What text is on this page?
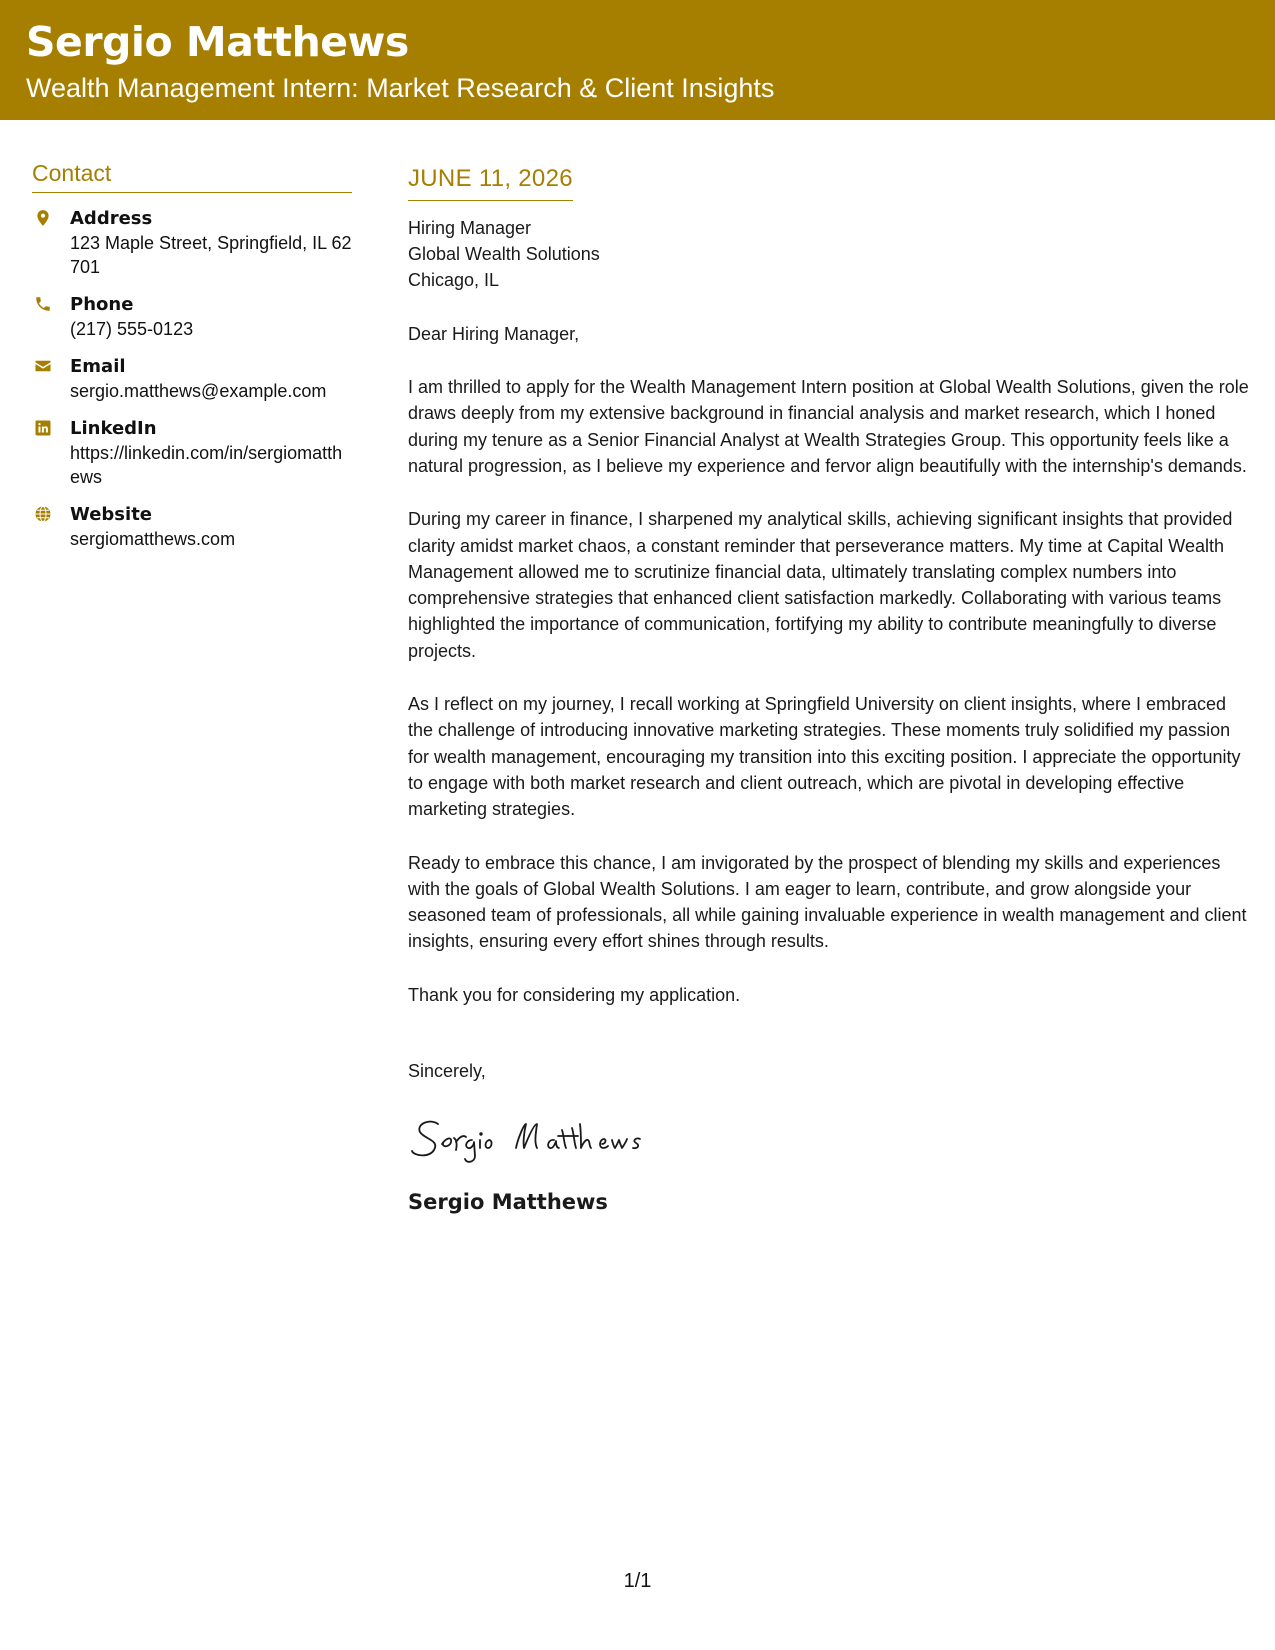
Sergio Matthews
Wealth Management Intern: Market Research & Client Insights
Contact
Address
123 Maple Street, Springfield, IL 62701
Phone
(217) 555-0123
Email
sergio.matthews@example.com
LinkedIn
https://linkedin.com/in/sergiomatthews
Website
sergiomatthews.com
JUNE 11, 2026
Hiring Manager
Global Wealth Solutions
Chicago, IL
Dear Hiring Manager,
I am thrilled to apply for the Wealth Management Intern position at Global Wealth Solutions, given the role draws deeply from my extensive background in financial analysis and market research, which I honed during my tenure as a Senior Financial Analyst at Wealth Strategies Group. This opportunity feels like a natural progression, as I believe my experience and fervor align beautifully with the internship's demands.
During my career in finance, I sharpened my analytical skills, achieving significant insights that provided clarity amidst market chaos, a constant reminder that perseverance matters. My time at Capital Wealth Management allowed me to scrutinize financial data, ultimately translating complex numbers into comprehensive strategies that enhanced client satisfaction markedly. Collaborating with various teams highlighted the importance of communication, fortifying my ability to contribute meaningfully to diverse projects.
As I reflect on my journey, I recall working at Springfield University on client insights, where I embraced the challenge of introducing innovative marketing strategies. These moments truly solidified my passion for wealth management, encouraging my transition into this exciting position. I appreciate the opportunity to engage with both market research and client outreach, which are pivotal in developing effective marketing strategies.
Ready to embrace this chance, I am invigorated by the prospect of blending my skills and experiences with the goals of Global Wealth Solutions. I am eager to learn, contribute, and grow alongside your seasoned team of professionals, all while gaining invaluable experience in wealth management and client insights, ensuring every effort shines through results.
Thank you for considering my application.
Sincerely,
Sergio Matthews
1/1
